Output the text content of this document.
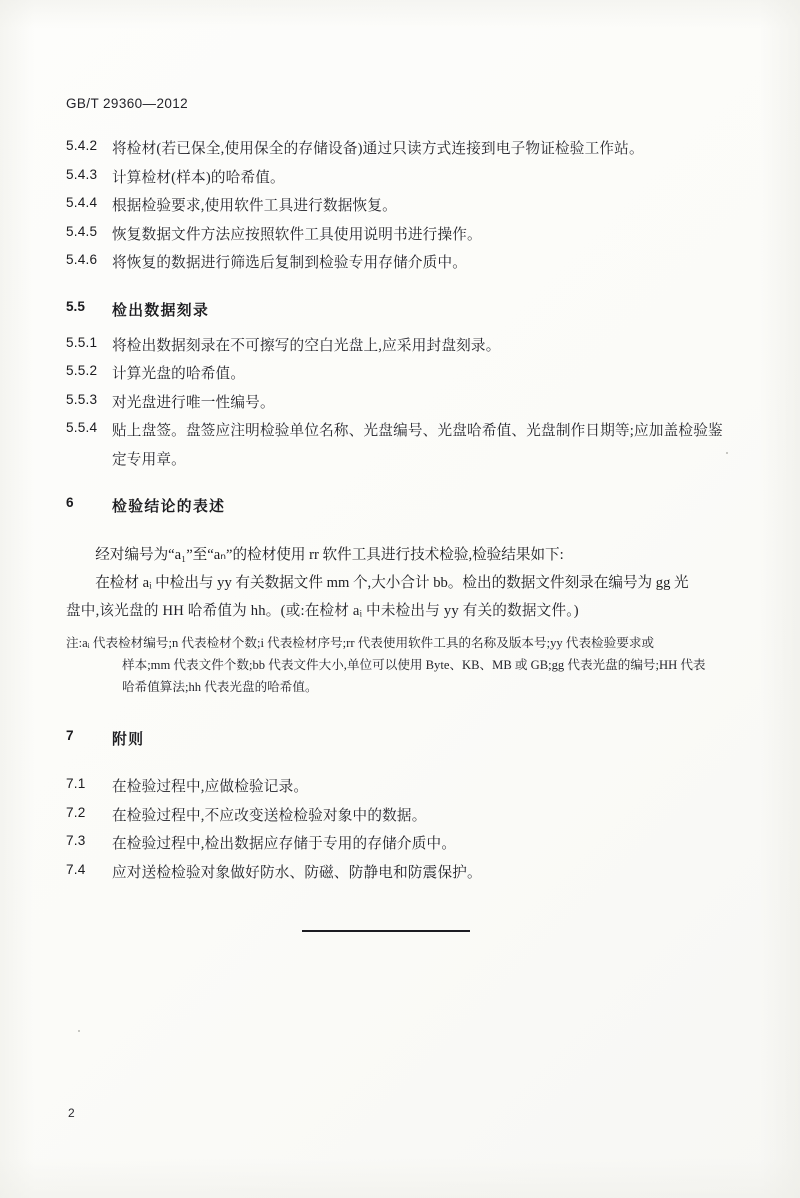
GB/T 29360—2012
5.4.2	将检材(若已保全,使用保全的存储设备)通过只读方式连接到电子物证检验工作站。
5.4.3	计算检材(样本)的哈希值。
5.4.4	根据检验要求,使用软件工具进行数据恢复。
5.4.5	恢复数据文件方法应按照软件工具使用说明书进行操作。
5.4.6	将恢复的数据进行筛选后复制到检验专用存储介质中。
5.5	检出数据刻录
5.5.1	将检出数据刻录在不可擦写的空白光盘上,应采用封盘刻录。
5.5.2	计算光盘的哈希值。
5.5.3	对光盘进行唯一性编号。
5.5.4	贴上盘签。盘签应注明检验单位名称、光盘编号、光盘哈希值、光盘制作日期等;应加盖检验鉴
定专用章。
6	检验结论的表述
经对编号为“a₁”至“aₙ”的检材使用 rr 软件工具进行技术检验,检验结果如下:
在检材 aᵢ 中检出与 yy 有关数据文件 mm 个,大小合计 bb。检出的数据文件刻录在编号为 gg 光
盘中,该光盘的 HH 哈希值为 hh。(或:在检材 aᵢ 中未检出与 yy 有关的数据文件。)
注:aᵢ 代表检材编号;n 代表检材个数;i 代表检材序号;rr 代表使用软件工具的名称及版本号;yy 代表检验要求或
样本;mm 代表文件个数;bb 代表文件大小,单位可以使用 Byte、KB、MB 或 GB;gg 代表光盘的编号;HH 代表
哈希值算法;hh 代表光盘的哈希值。
7	附则
7.1	在检验过程中,应做检验记录。
7.2	在检验过程中,不应改变送检检验对象中的数据。
7.3	在检验过程中,检出数据应存储于专用的存储介质中。
7.4	应对送检检验对象做好防水、防磁、防静电和防震保护。
2
